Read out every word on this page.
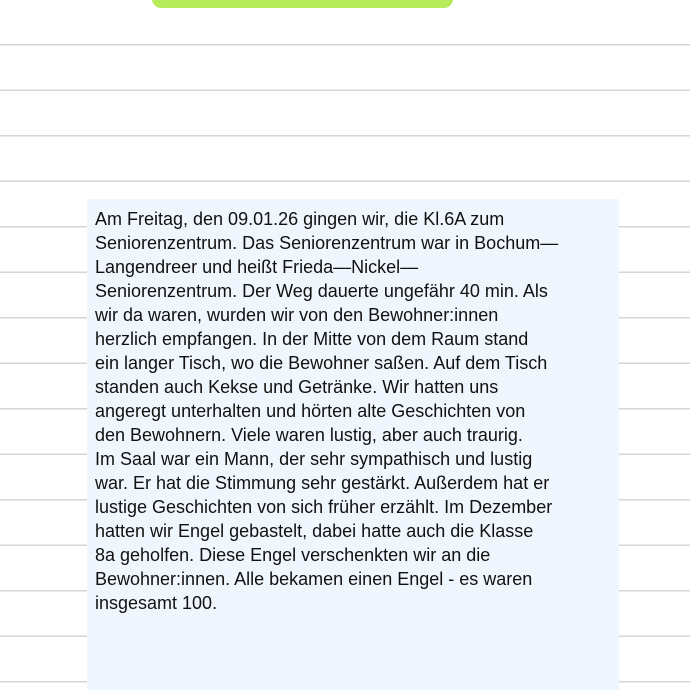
Am Freitag, den 09.01.26 gingen wir, die Kl.6A zum
Seniorenzentrum. Das Seniorenzentrum war in Bochum—
Langendreer und heißt Frieda—Nickel—
Seniorenzentrum. Der Weg dauerte ungefähr 40 min. Als
wir da waren, wurden wir von den Bewohner:innen
herzlich empfangen. In der Mitte von dem Raum stand
ein langer Tisch, wo die Bewohner saßen. Auf dem Tisch
standen auch Kekse und Getränke. Wir hatten uns
angeregt unterhalten und hörten alte Geschichten von
den Bewohnern. Viele waren lustig, aber auch traurig.
Im Saal war ein Mann, der sehr sympathisch und lustig
war. Er hat die Stimmung sehr gestärkt. Außerdem hat er
lustige Geschichten von sich früher erzählt. Im Dezember
hatten wir Engel gebastelt, dabei hatte auch die Klasse
8a geholfen. Diese Engel verschenkten wir an die
Bewohner:innen. Alle bekamen einen Engel - es waren
insgesamt 100.
